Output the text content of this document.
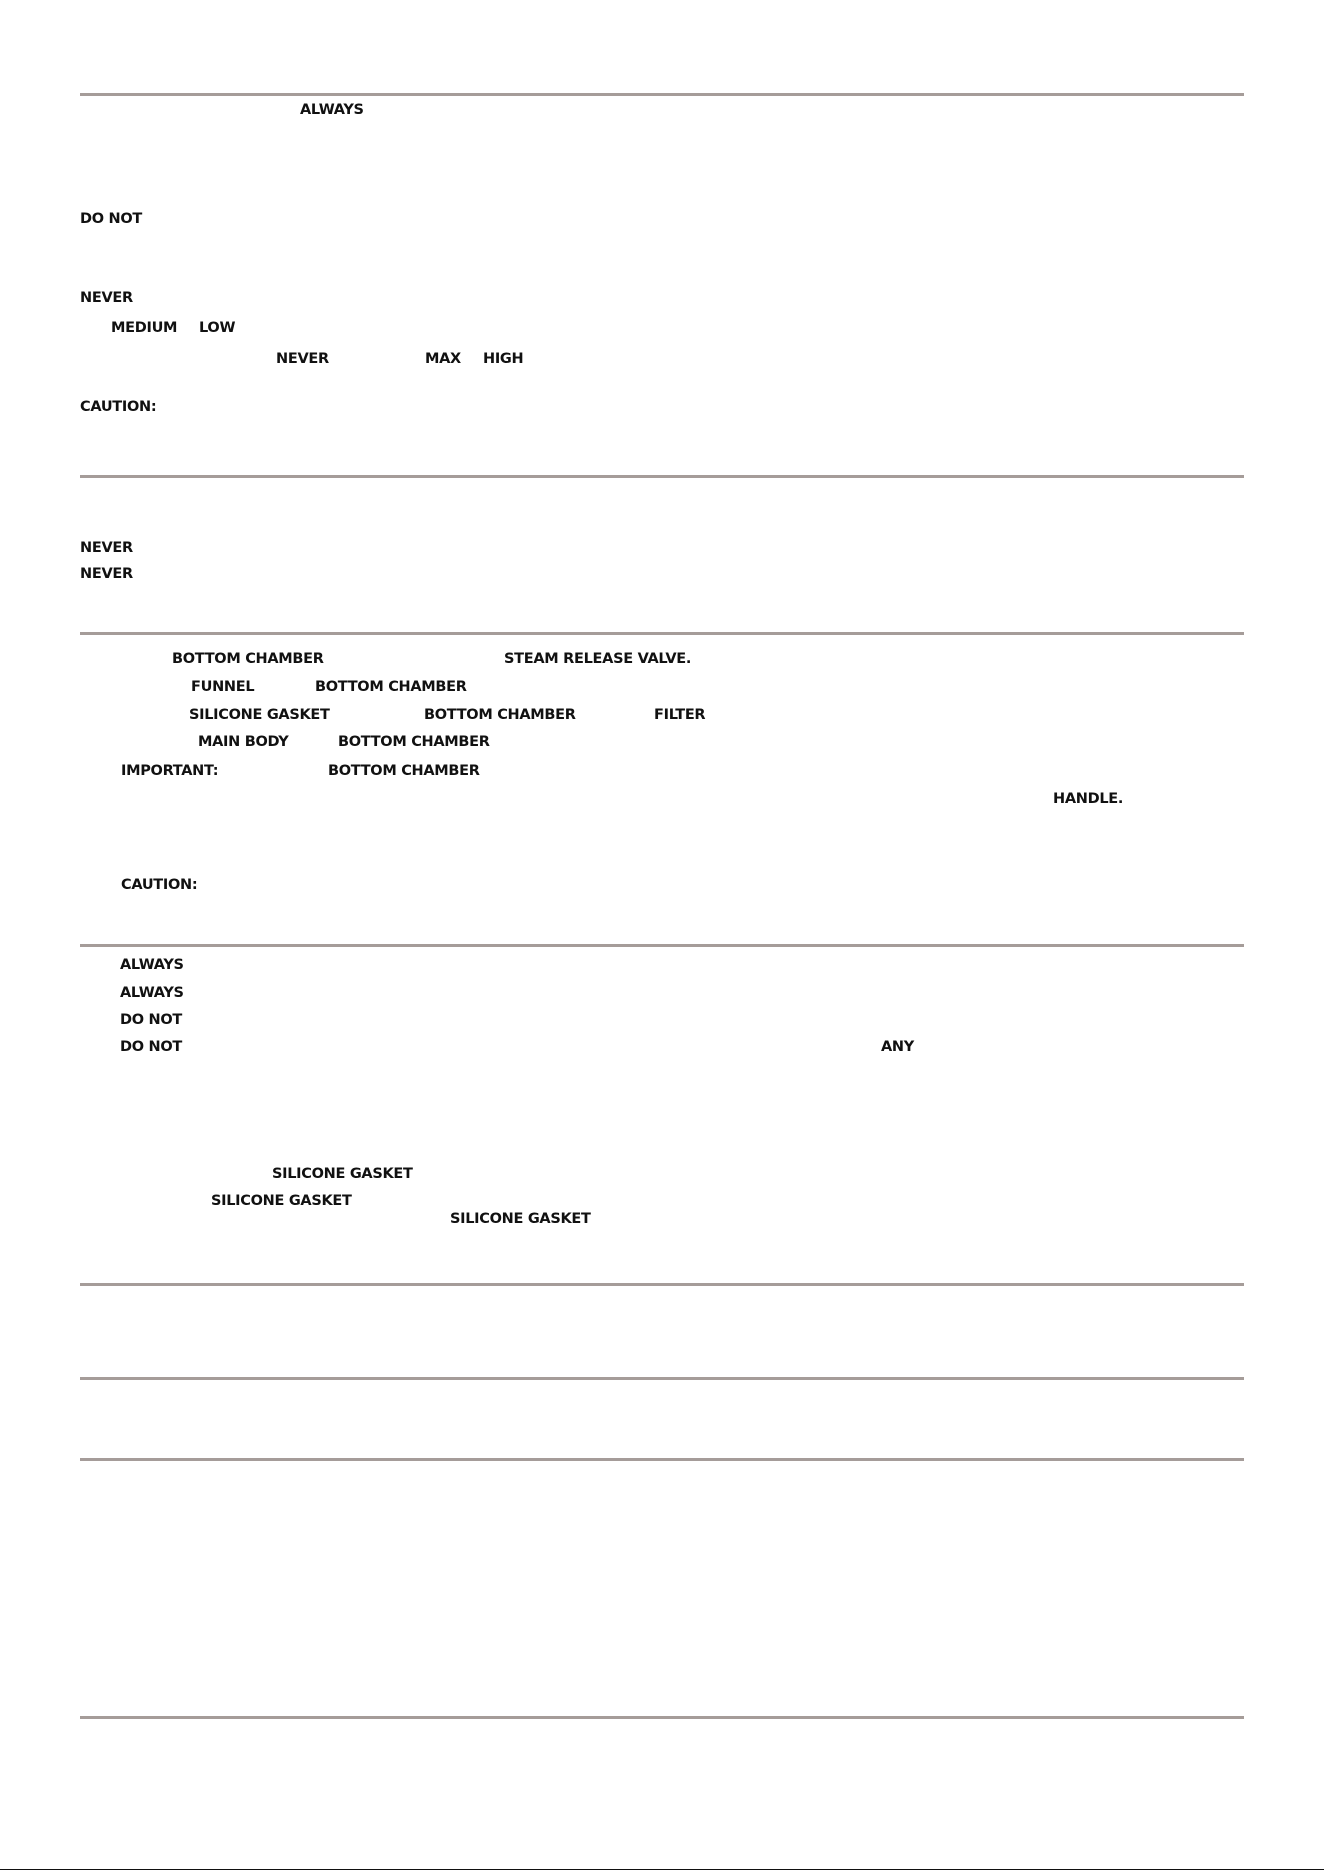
ALWAYS
DO NOT
NEVER
MEDIUM LOW
NEVER	MAX HIGH
CAUTION:
NEVER
NEVER
BOTTOM CHAMBER	STEAM RELEASE VALVE.
FUNNEL	BOTTOM CHAMBER
SILICONE GASKET	BOTTOM CHAMBER	FILTER
MAIN BODY	BOTTOM CHAMBER
IMPORTANT:	BOTTOM CHAMBER
HANDLE.
CAUTION:
ALWAYS
ALWAYS
DO NOT
DO NOT	ANY
SILICONE GASKET
SILICONE GASKET
SILICONE GASKET
